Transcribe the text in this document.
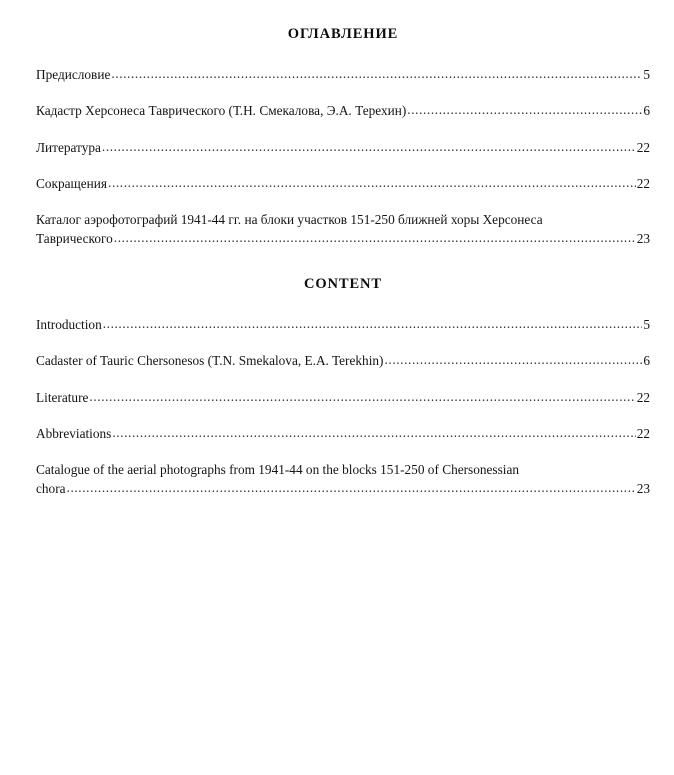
ОГЛАВЛЕНИЕ
Предисловие .....	5
Кадастр Херсонеса Таврического (Т.Н. Смекалова, Э.А. Терехин) .....	6
Литература .....	22
Сокращения .....	22
Каталог аэрофотографий 1941-44 гг. на блоки участков 151-250 ближней хоры Херсонеса
Таврического .....	23
CONTENT
Introduction .....	5
Cadaster of Tauric Chersonesos (T.N. Smekalova, E.A. Terekhin) .....	6
Literature .....	22
Abbreviations .....	22
Catalogue of the aerial photographs from 1941-44 on the blocks 151-250 of Chersonessian
chora .....	23
